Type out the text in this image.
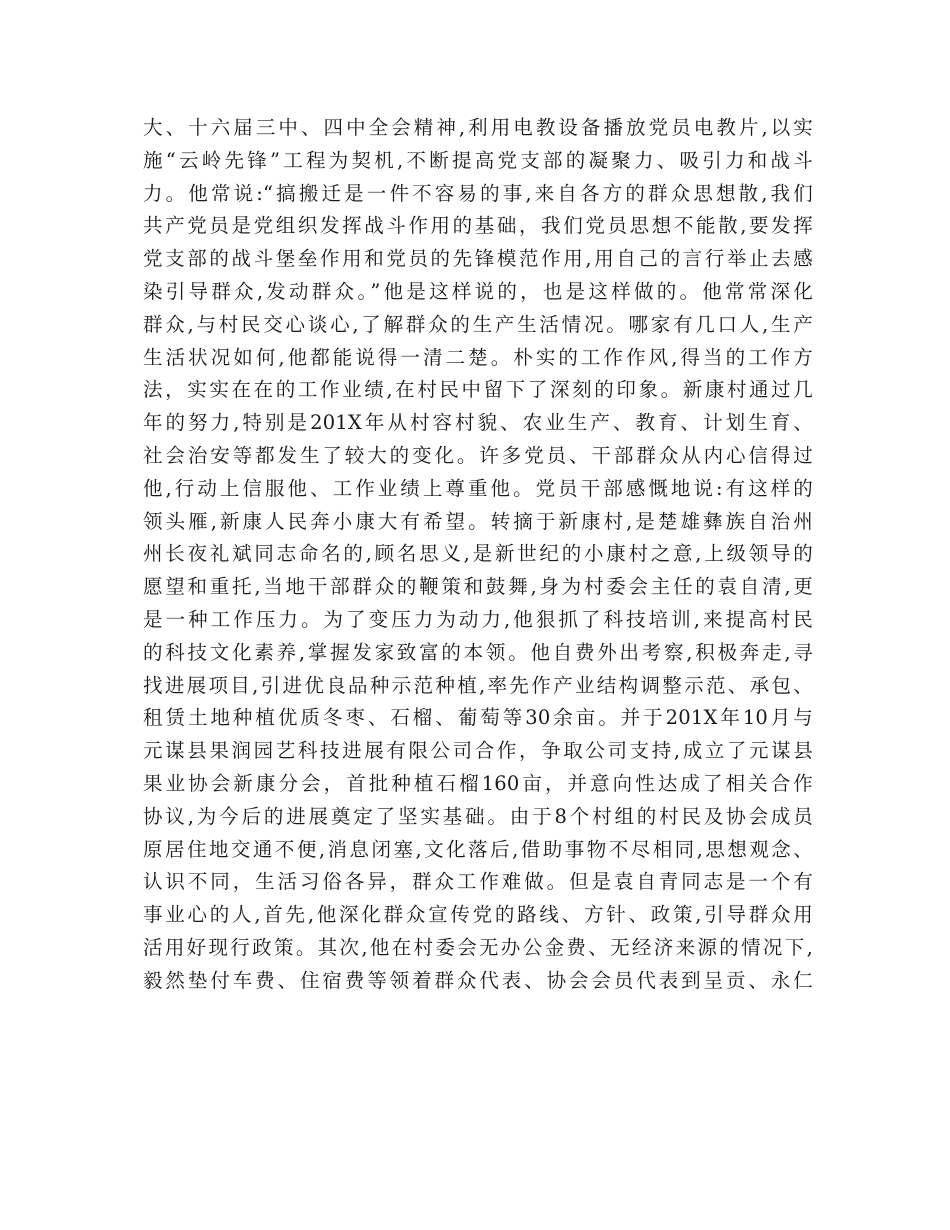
大、十六届三中、四中全会精神,利用电教设备播放党员电教片,以实
施“云岭先锋”工程为契机,不断提高党支部的凝聚力、吸引力和战斗
力。他常说:“搞搬迁是一件不容易的事,来自各方的群众思想散,我们
共产党员是党组织发挥战斗作用的基础，我们党员思想不能散,要发挥
党支部的战斗堡垒作用和党员的先锋模范作用,用自己的言行举止去感
染引导群众,发动群众。”他是这样说的，也是这样做的。他常常深化
群众,与村民交心谈心,了解群众的生产生活情况。哪家有几口人,生产
生活状况如何,他都能说得一清二楚。朴实的工作作风,得当的工作方
法，实实在在的工作业绩,在村民中留下了深刻的印象。新康村通过几
年的努力,特别是201X年从村容村貌、农业生产、教育、计划生育、
社会治安等都发生了较大的变化。许多党员、干部群众从内心信得过
他,行动上信服他、工作业绩上尊重他。党员干部感慨地说:有这样的
领头雁,新康人民奔小康大有希望。转摘于新康村,是楚雄彝族自治州
州长夜礼斌同志命名的,顾名思义,是新世纪的小康村之意,上级领导的
愿望和重托,当地干部群众的鞭策和鼓舞,身为村委会主任的袁自清,更
是一种工作压力。为了变压力为动力,他狠抓了科技培训,来提高村民
的科技文化素养,掌握发家致富的本领。他自费外出考察,积极奔走,寻
找进展项目,引进优良品种示范种植,率先作产业结构调整示范、承包、
租赁土地种植优质冬枣、石榴、葡萄等30余亩。并于201X年10月与
元谋县果润园艺科技进展有限公司合作，争取公司支持,成立了元谋县
果业协会新康分会，首批种植石榴160亩，并意向性达成了相关合作
协议,为今后的进展奠定了坚实基础。由于8个村组的村民及协会成员
原居住地交通不便,消息闭塞,文化落后,借助事物不尽相同,思想观念、
认识不同，生活习俗各异，群众工作难做。但是袁自青同志是一个有
事业心的人,首先,他深化群众宣传党的路线、方针、政策,引导群众用
活用好现行政策。其次,他在村委会无办公金费、无经济来源的情况下,
毅然垫付车费、住宿费等领着群众代表、协会会员代表到呈贡、永仁
